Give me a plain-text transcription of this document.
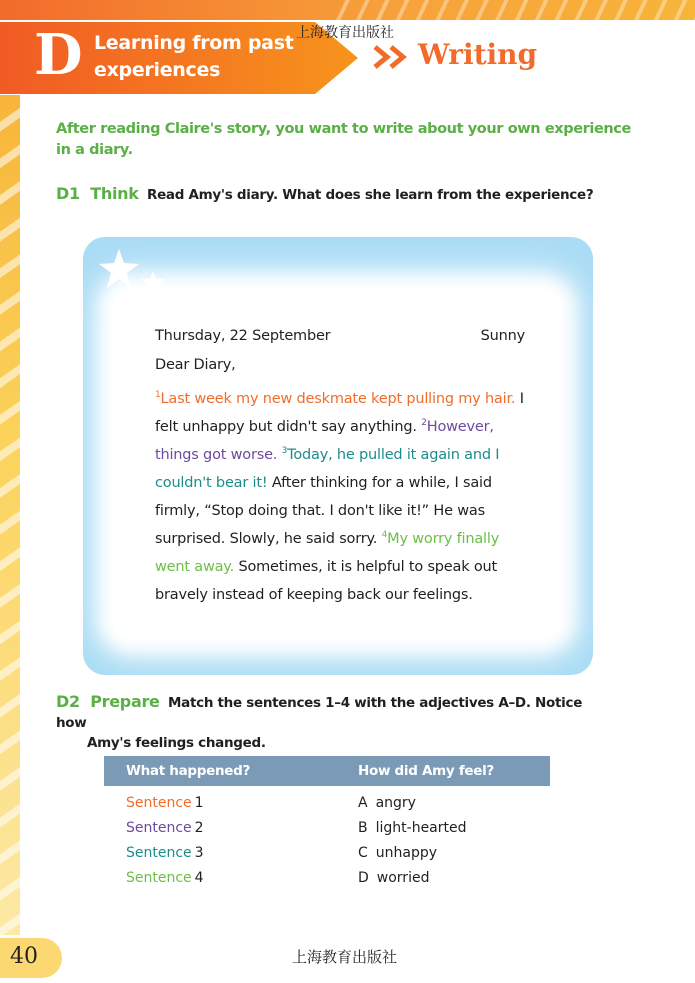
D Learning from past experiences
上海教育出版社
Writing
After reading Claire's story, you want to write about your own experience in a diary.
D1 Think Read Amy's diary. What does she learn from the experience?
Thursday, 22 September	Sunny
Dear Diary,
$^1$Last week my new deskmate kept pulling my hair. I felt unhappy but didn't say anything. $^2$However, things got worse. $^3$Today, he pulled it again and I couldn't bear it! After thinking for a while, I said firmly, “Stop doing that. I don't like it!” He was surprised. Slowly, he said sorry. $^4$My worry finally went away. Sometimes, it is helpful to speak out bravely instead of keeping back our feelings.
D2 Prepare Match the sentences 1–4 with the adjectives A–D. Notice how
Amy's feelings changed.
What happened?	How did Amy feel?
Sentence 1	A angry
Sentence 2	B light-hearted
Sentence 3	C unhappy
Sentence 4	D worried
40	上海教育出版社
